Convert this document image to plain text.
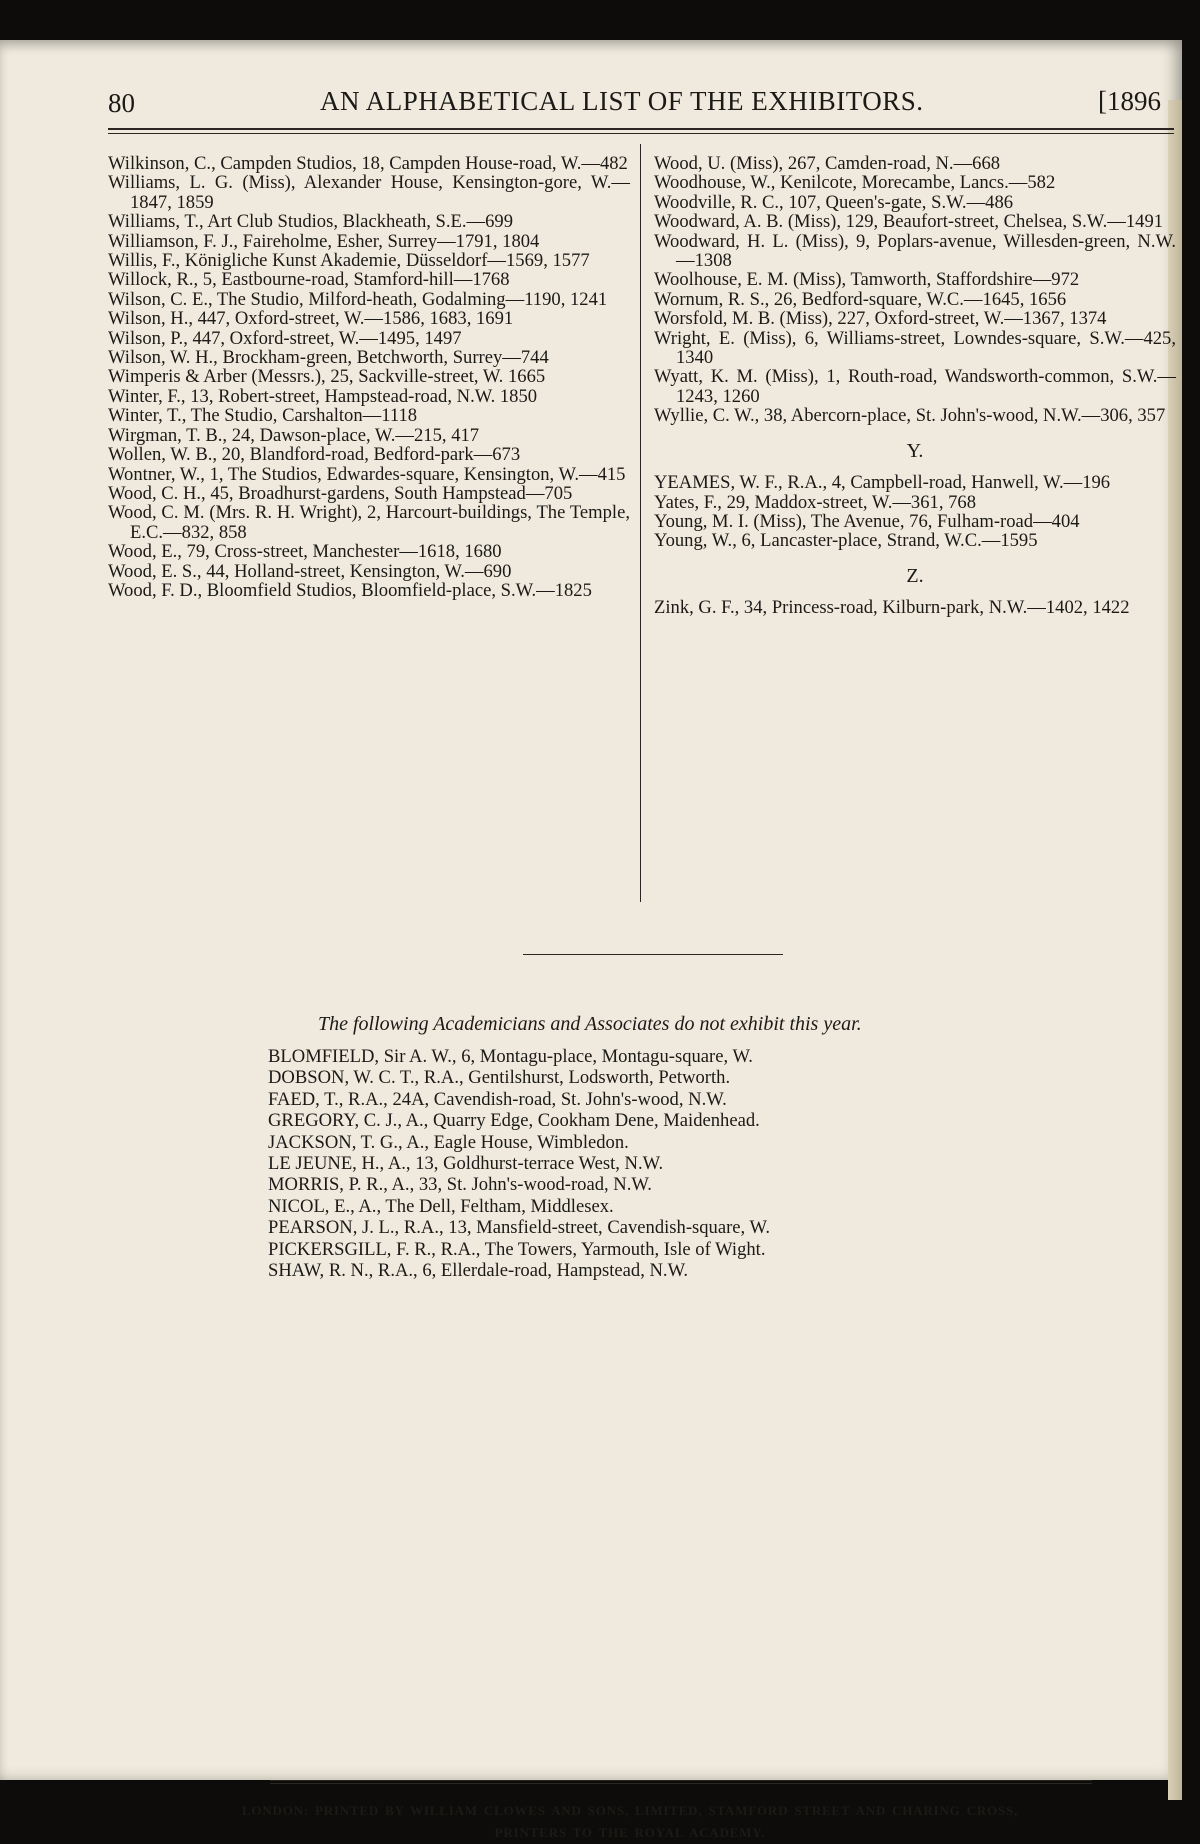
80	AN ALPHABETICAL LIST OF THE EXHIBITORS.	[1896

Wilkinson, C., Campden Studios, 18, Campden House-road, W.—482

Williams, L. G. (Miss), Alexander House, Kensington-gore, W.—1847, 1859

Williams, T., Art Club Studios, Blackheath, S.E.—699

Williamson, F. J., Faireholme, Esher, Surrey—1791, 1804

Willis, F., Königliche Kunst Akademie, Düsseldorf—1569, 1577

Willock, R., 5, Eastbourne-road, Stamford-hill—1768

Wilson, C. E., The Studio, Milford-heath, Godalming—1190, 1241

Wilson, H., 447, Oxford-street, W.—1586, 1683, 1691

Wilson, P., 447, Oxford-street, W.—1495, 1497

Wilson, W. H., Brockham-green, Betchworth, Surrey—744

Wimperis & Arber (Messrs.), 25, Sackville-street, W. 1665

Winter, F., 13, Robert-street, Hampstead-road, N.W. 1850

Winter, T., The Studio, Carshalton—1118

Wirgman, T. B., 24, Dawson-place, W.—215, 417

Wollen, W. B., 20, Blandford-road, Bedford-park—673

Wontner, W., 1, The Studios, Edwardes-square, Kensington, W.—415

Wood, C. H., 45, Broadhurst-gardens, South Hampstead—705

Wood, C. M. (Mrs. R. H. Wright), 2, Harcourt-buildings, The Temple, E.C.—832, 858

Wood, E., 79, Cross-street, Manchester—1618, 1680

Wood, E. S., 44, Holland-street, Kensington, W.—690

Wood, F. D., Bloomfield Studios, Bloomfield-place, S.W.—1825

Wood, U. (Miss), 267, Camden-road, N.—668

Woodhouse, W., Kenilcote, Morecambe, Lancs.—582

Woodville, R. C., 107, Queen's-gate, S.W.—486

Woodward, A. B. (Miss), 129, Beaufort-street, Chelsea, S.W.—1491

Woodward, H. L. (Miss), 9, Poplars-avenue, Willesden-green, N.W.—1308

Woolhouse, E. M. (Miss), Tamworth, Staffordshire—972

Wornum, R. S., 26, Bedford-square, W.C.—1645, 1656

Worsfold, M. B. (Miss), 227, Oxford-street, W.—1367, 1374

Wright, E. (Miss), 6, Williams-street, Lowndes-square, S.W.—425, 1340

Wyatt, K. M. (Miss), 1, Routh-road, Wandsworth-common, S.W.—1243, 1260

Wyllie, C. W., 38, Abercorn-place, St. John's-wood, N.W.—306, 357

Y.

YEAMES, W. F., R.A., 4, Campbell-road, Hanwell, W.—196

Yates, F., 29, Maddox-street, W.—361, 768

Young, M. I. (Miss), The Avenue, 76, Fulham-road—404

Young, W., 6, Lancaster-place, Strand, W.C.—1595

Z.

Zink, G. F., 34, Princess-road, Kilburn-park, N.W.—1402, 1422

The following Academicians and Associates do not exhibit this year.
BLOMFIELD, Sir A. W., 6, Montagu-place, Montagu-square, W.
DOBSON, W. C. T., R.A., Gentilshurst, Lodsworth, Petworth.
FAED, T., R.A., 24A, Cavendish-road, St. John's-wood, N.W.
GREGORY, C. J., A., Quarry Edge, Cookham Dene, Maidenhead.
JACKSON, T. G., A., Eagle House, Wimbledon.
LE JEUNE, H., A., 13, Goldhurst-terrace West, N.W.
MORRIS, P. R., A., 33, St. John's-wood-road, N.W.
NICOL, E., A., The Dell, Feltham, Middlesex.
PEARSON, J. L., R.A., 13, Mansfield-street, Cavendish-square, W.
PICKERSGILL, F. R., R.A., The Towers, Yarmouth, Isle of Wight.
SHAW, R. N., R.A., 6, Ellerdale-road, Hampstead, N.W.
LONDON: PRINTED BY WILLIAM CLOWES AND SONS, LIMITED, STAMFORD STREET AND CHARING CROSS,
PRINTERS TO THE ROYAL ACADEMY.
